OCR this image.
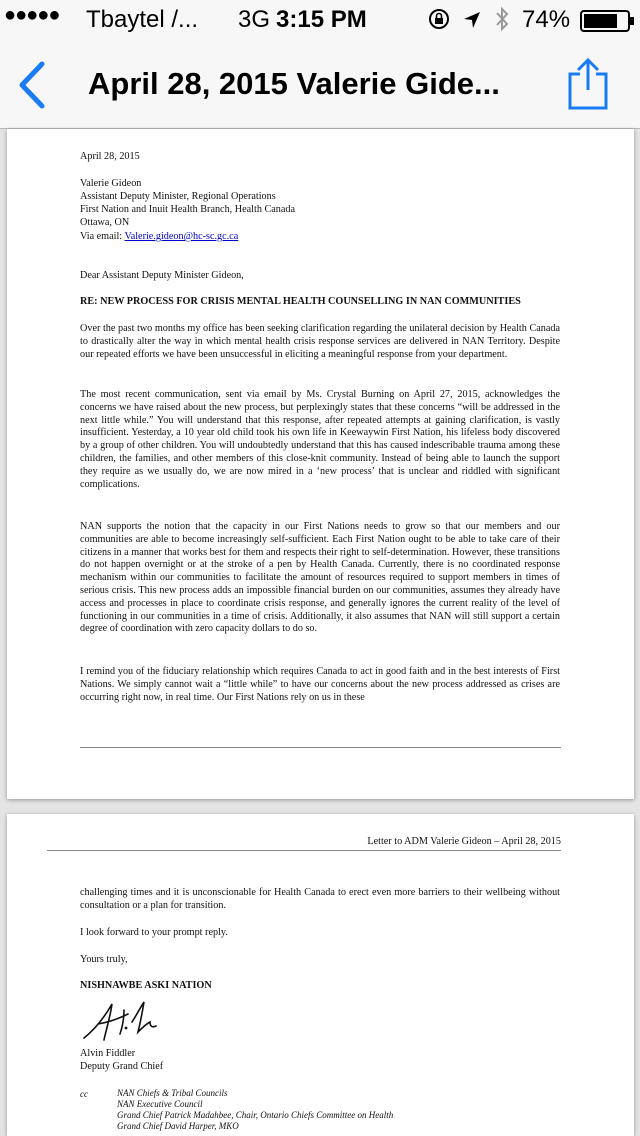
●●●●● Tbaytel /... 3G 3:15 PM	74%
April 28, 2015 Valerie Gide...
April 28, 2015
Valerie Gideon
Assistant Deputy Minister, Regional Operations
First Nation and Inuit Health Branch, Health Canada
Ottawa, ON
Via email: Valerie.gideon@hc-sc.gc.ca
Dear Assistant Deputy Minister Gideon,
RE: NEW PROCESS FOR CRISIS MENTAL HEALTH COUNSELLING IN NAN COMMUNITIES
Over the past two months my office has been seeking clarification regarding the unilateral decision by Health Canada to drastically alter the way in which mental health crisis response services are delivered in NAN Territory. Despite our repeated efforts we have been unsuccessful in eliciting a meaningful response from your department.
The most recent communication, sent via email by Ms. Crystal Burning on April 27, 2015, acknowledges the concerns we have raised about the new process, but perplexingly states that these concerns “will be addressed in the next little while.” You will understand that this response, after repeated attempts at gaining clarification, is vastly insufficient. Yesterday, a 10 year old child took his own life in Keewaywin First Nation, his lifeless body discovered by a group of other children. You will undoubtedly understand that this has caused indescribable trauma among these children, the families, and other members of this close-knit community. Instead of being able to launch the support they require as we usually do, we are now mired in a ‘new process’ that is unclear and riddled with significant complications.
NAN supports the notion that the capacity in our First Nations needs to grow so that our members and our communities are able to become increasingly self-sufficient. Each First Nation ought to be able to take care of their citizens in a manner that works best for them and respects their right to self-determination. However, these transitions do not happen overnight or at the stroke of a pen by Health Canada. Currently, there is no coordinated response mechanism within our communities to facilitate the amount of resources required to support members in times of serious crisis. This new process adds an impossible financial burden on our communities, assumes they already have access and processes in place to coordinate crisis response, and generally ignores the current reality of the level of functioning in our communities in a time of crisis. Additionally, it also assumes that NAN will still support a certain degree of coordination with zero capacity dollars to do so.
I remind you of the fiduciary relationship which requires Canada to act in good faith and in the best interests of First Nations. We simply cannot wait a “little while” to have our concerns about the new process addressed as crises are occurring right now, in real time. Our First Nations rely on us in these
Letter to ADM Valerie Gideon – April 28, 2015
challenging times and it is unconscionable for Health Canada to erect even more barriers to their wellbeing without consultation or a plan for transition.
I look forward to your prompt reply.
Yours truly,
NISHNAWBE ASKI NATION
Alvin Fiddler
Deputy Grand Chief
cc	NAN Chiefs & Tribal Councils
NAN Executive Council
Grand Chief Patrick Madahbee, Chair, Ontario Chiefs Committee on Health
Grand Chief David Harper, MKO
